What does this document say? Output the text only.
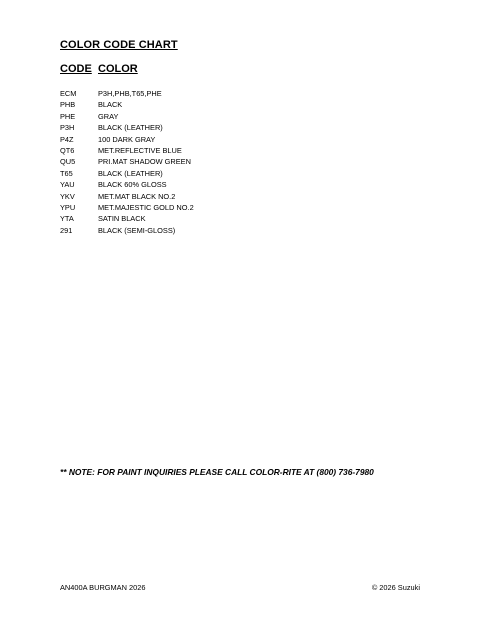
COLOR CODE CHART
CODE COLOR
ECM	P3H,PHB,T65,PHE
PHB	BLACK
PHE	GRAY
P3H	BLACK (LEATHER)
P4Z	100 DARK GRAY
QT6	MET.REFLECTIVE BLUE
QU5	PRI.MAT SHADOW GREEN
T65	BLACK (LEATHER)
YAU	BLACK 60% GLOSS
YKV	MET.MAT BLACK NO.2
YPU	MET.MAJESTIC GOLD NO.2
YTA	SATIN BLACK
291	BLACK (SEMI-GLOSS)
** NOTE: FOR PAINT INQUIRIES PLEASE CALL COLOR-RITE AT (800) 736-7980
AN400A BURGMAN 2026	© 2026 Suzuki
